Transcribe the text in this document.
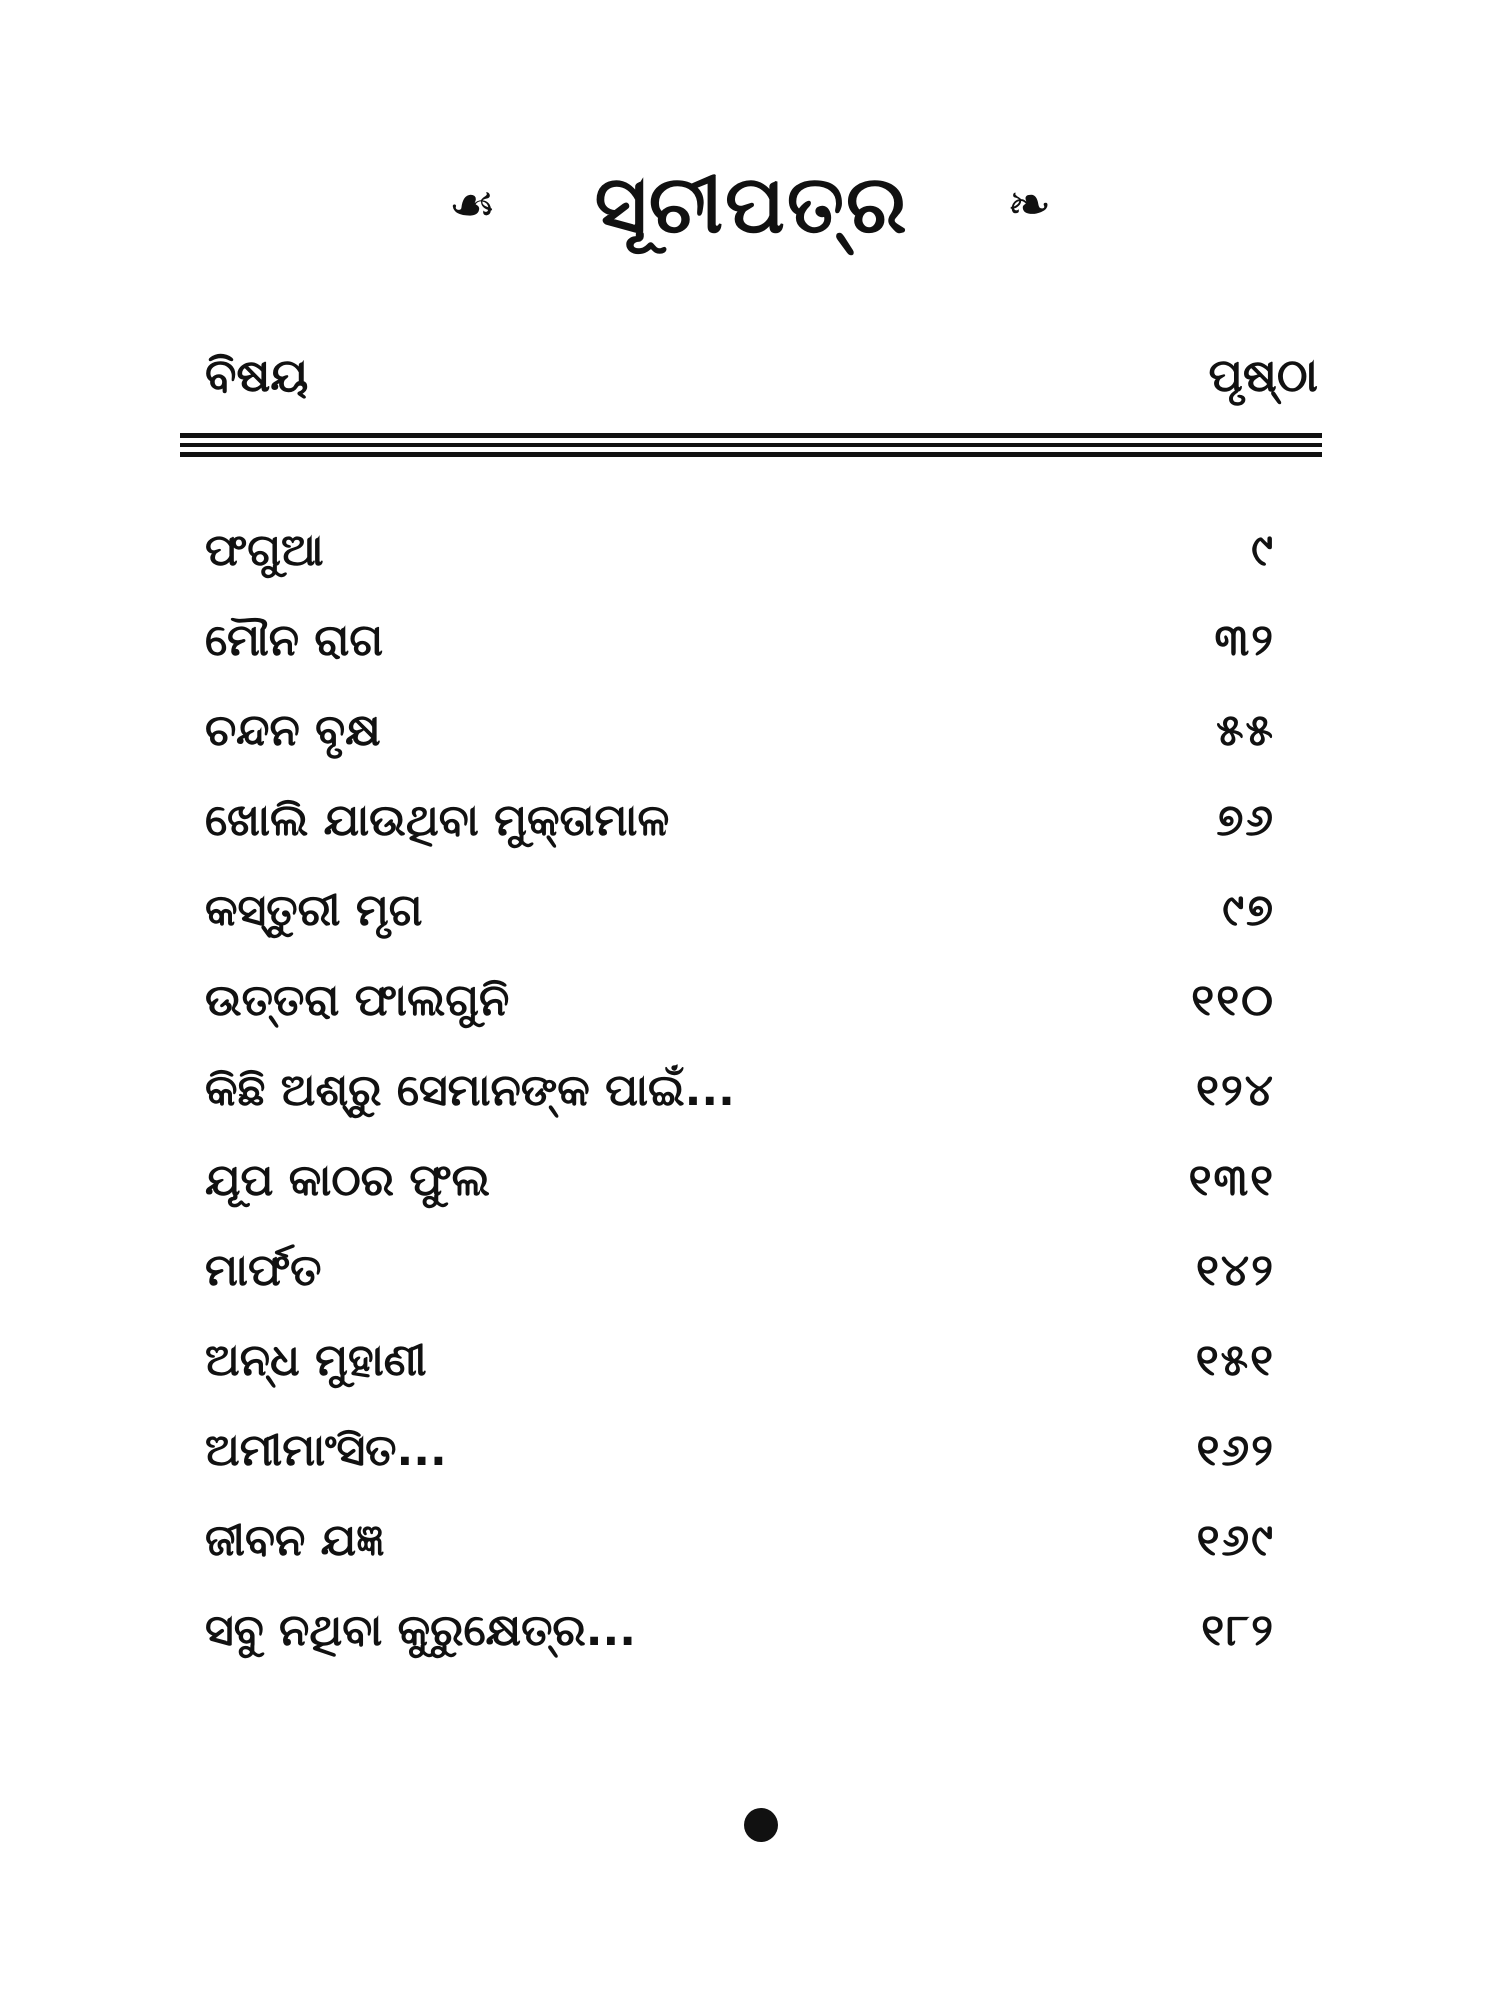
☙ ସୂଚୀପତ୍ର ❧
ବିଷୟ	ପୃଷ୍ଠା
ଫଗୁଆ	୯
ମୌନ ରାଗ	୩୨
ଚନ୍ଦନ ବୃକ୍ଷ	୫୫
ଖୋଲି ଯାଉଥିବା ମୁକ୍ତାମାଳ	୭୬
କସ୍ତୁରୀ ମୃଗ	୯୭
ଉତ୍ତରା ଫାଲଗୁନି	୧୧୦
କିଛି ଅଶ୍ରୁ ସେମାନଙ୍କ ପାଇଁ...	୧୨୪
ଯୂପ କାଠର ଫୁଲ	୧୩୧
ମାର୍ଫତ	୧୪୨
ଅନ୍ଧ ମୁହାଣୀ	୧୫୧
ଅମୀମାଂସିତ...	୧୬୨
ଜୀବନ ଯଜ୍ଞ	୧୬୯
ସବୁ ନଥିବା କୁରୁକ୍ଷେତ୍ର...	୧୮୨
